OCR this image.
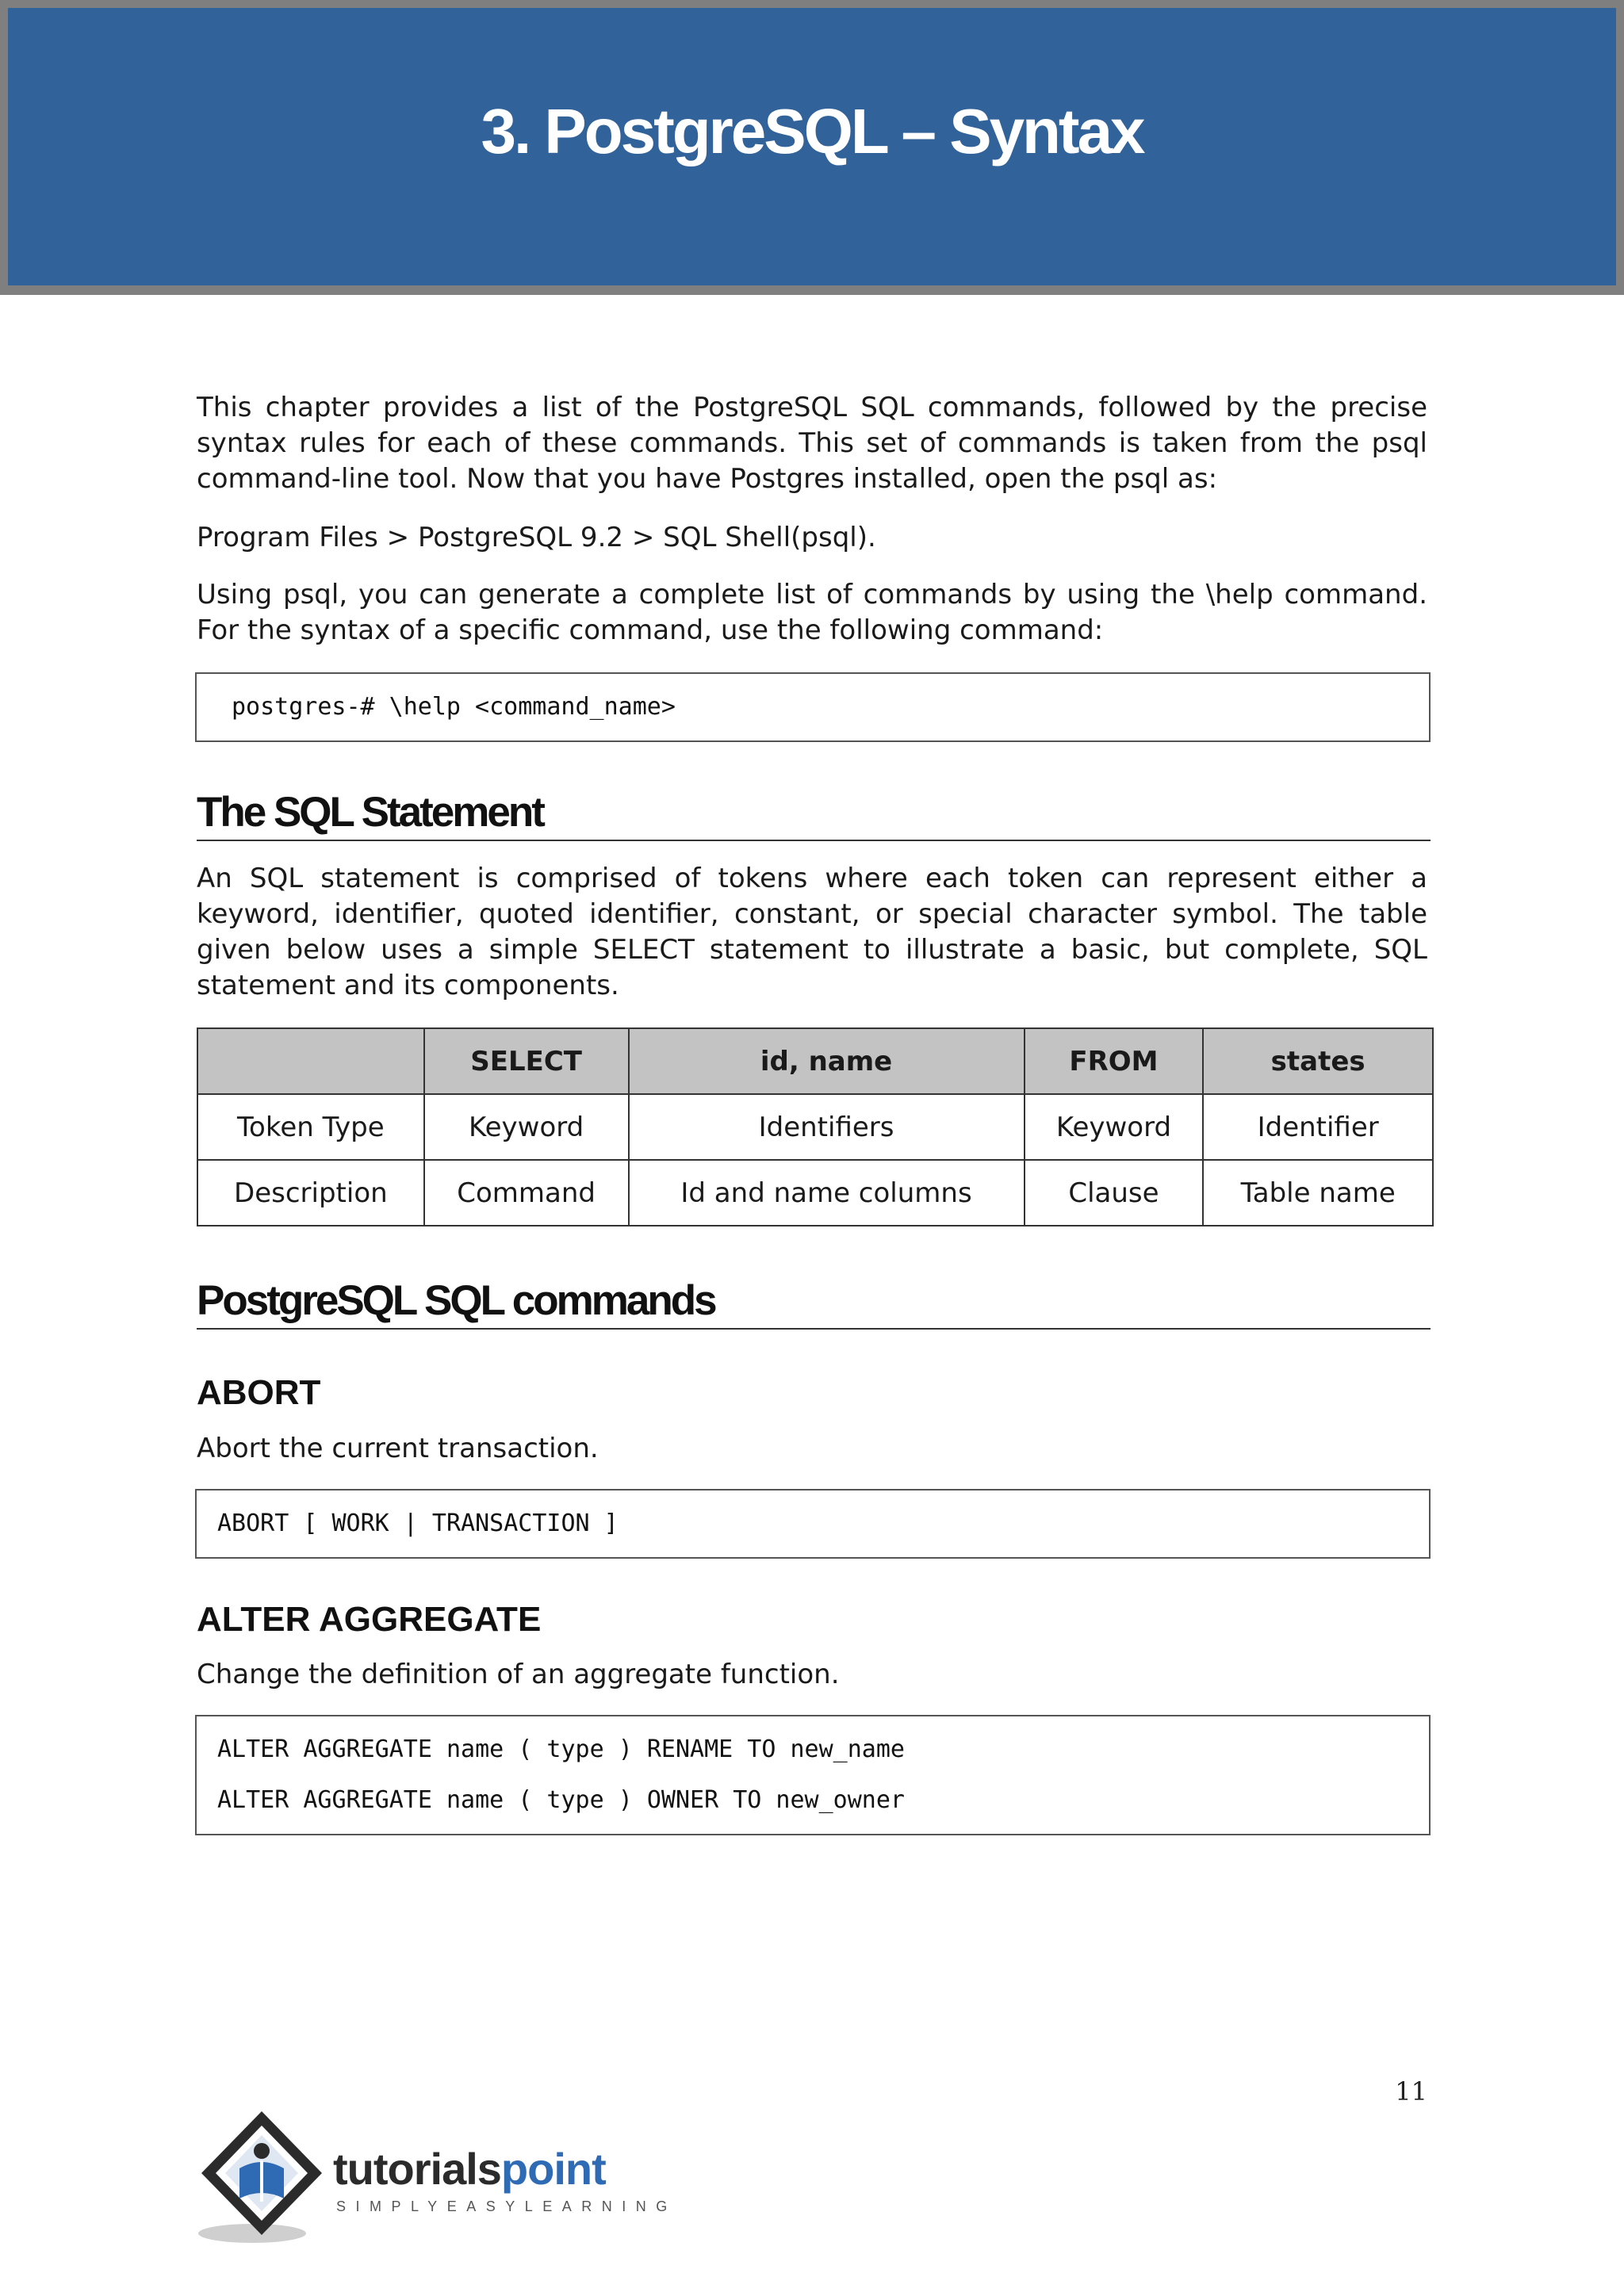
3. PostgreSQL – Syntax

This chapter provides a list of the PostgreSQL SQL commands, followed by the precise syntax rules for each of these commands. This set of commands is taken from the psql command-line tool. Now that you have Postgres installed, open the psql as:

Program Files > PostgreSQL 9.2 > SQL Shell(psql).

Using psql, you can generate a complete list of commands by using the \help command. For the syntax of a specific command, use the following command:

postgres-# \help <command_name>

The SQL Statement

An SQL statement is comprised of tokens where each token can represent either a keyword, identifier, quoted identifier, constant, or special character symbol. The table given below uses a simple SELECT statement to illustrate a basic, but complete, SQL statement and its components.

	SELECT	id, name	FROM	states
Token Type	Keyword	Identifiers	Keyword	Identifier
Description	Command	Id and name columns	Clause	Table name
PostgreSQL SQL commands
ABORT

Abort the current transaction.

ABORT [ WORK | TRANSACTION ]

ALTER AGGREGATE

Change the definition of an aggregate function.

ALTER AGGREGATE name ( type ) RENAME TO new_name

ALTER AGGREGATE name ( type ) OWNER TO new_owner

11
tutorialspoint
SIMPLYEASYLEARNING
